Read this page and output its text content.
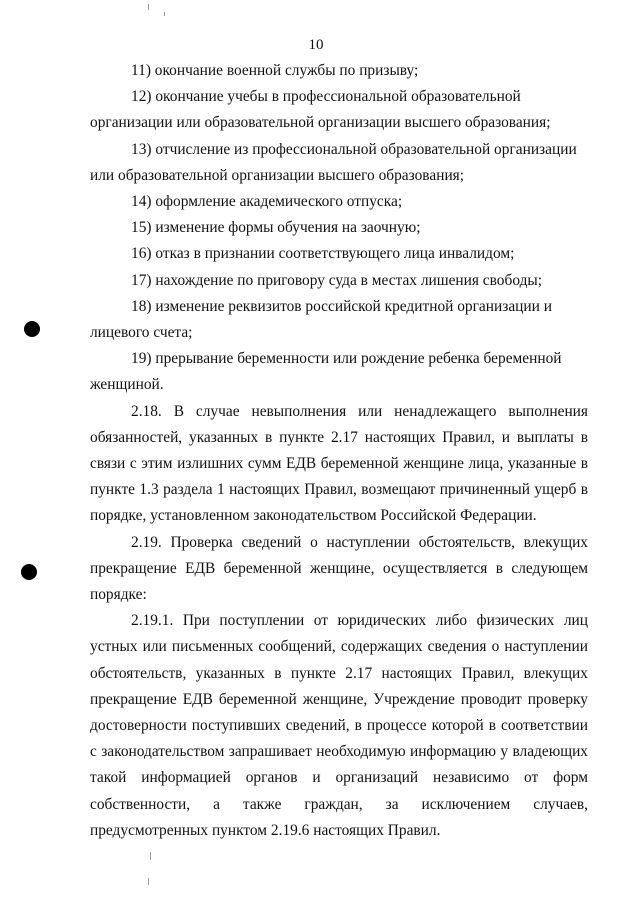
10

11) окончание военной службы по призыву;

12) окончание учебы в профессиональной образовательной организации или образовательной организации высшего образования;

13) отчисление из профессиональной образовательной организации или образовательной организации высшего образования;

14) оформление академического отпуска;

15) изменение формы обучения на заочную;

16) отказ в признании соответствующего лица инвалидом;

17) нахождение по приговору суда в местах лишения свободы;

18) изменение реквизитов российской кредитной организации и лицевого счета;

19) прерывание беременности или рождение ребенка беременной женщиной.

2.18. В случае невыполнения или ненадлежащего выполнения обязанностей, указанных в пункте 2.17 настоящих Правил, и выплаты в связи с этим излишних сумм ЕДВ беременной женщине лица, указанные в пункте 1.3 раздела 1 настоящих Правил, возмещают причиненный ущерб в порядке, установленном законодательством Российской Федерации.

2.19. Проверка сведений о наступлении обстоятельств, влекущих прекращение ЕДВ беременной женщине, осуществляется в следующем порядке:

2.19.1. При поступлении от юридических либо физических лиц устных или письменных сообщений, содержащих сведения о наступлении обстоятельств, указанных в пункте 2.17 настоящих Правил, влекущих прекращение ЕДВ беременной женщине, Учреждение проводит проверку достоверности поступивших сведений, в процессе которой в соответствии с законодательством запрашивает необходимую информацию у владеющих такой информацией органов и организаций независимо от форм собственности, а также граждан, за исключением случаев, предусмотренных пунктом 2.19.6 настоящих Правил.
